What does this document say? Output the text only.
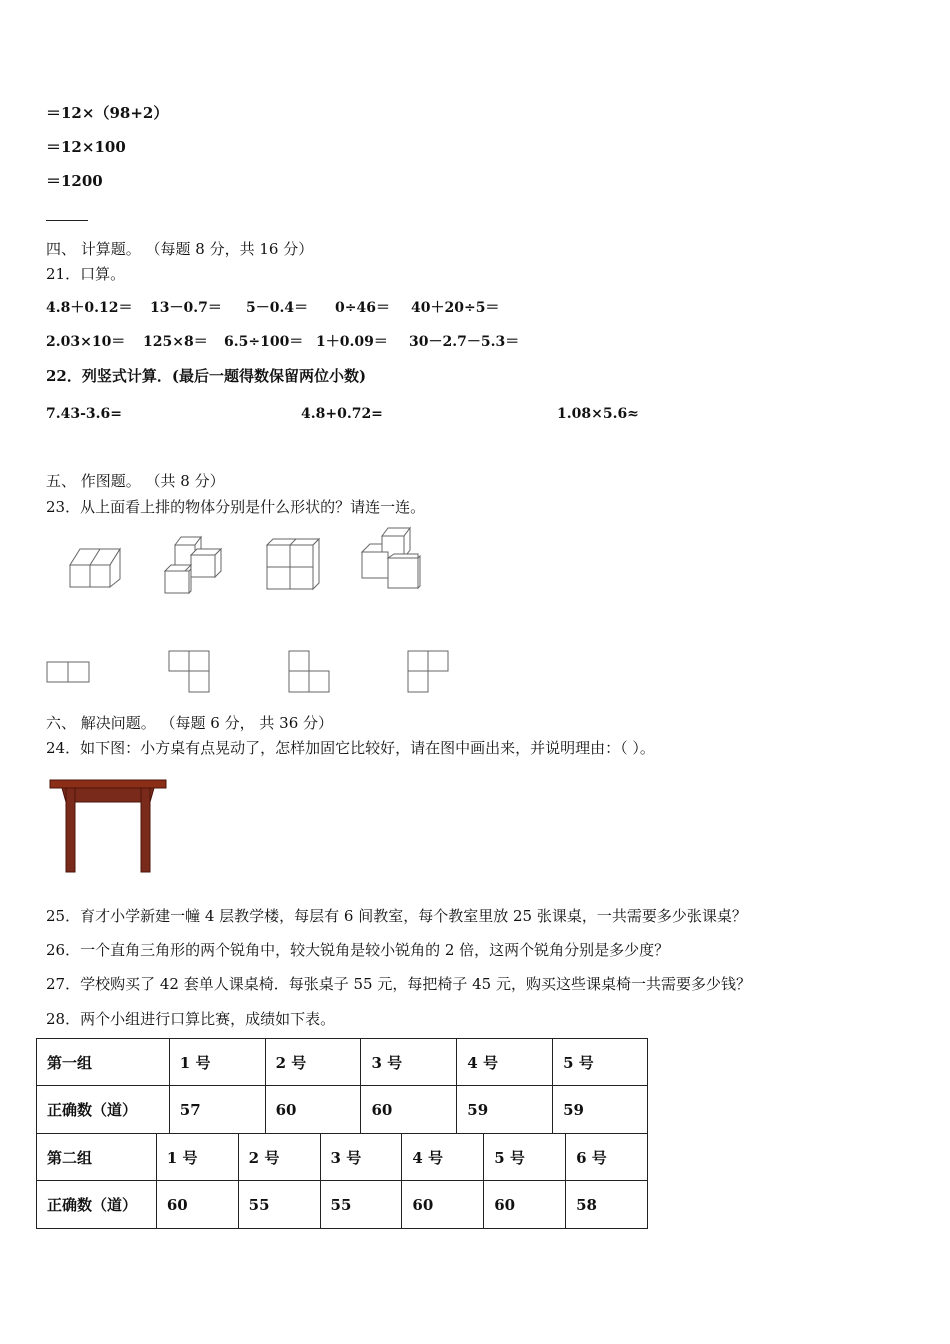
＝12×（98+2）
＝12×100
＝1200
四、 计算题。 （每题 8 分，共 16 分）
21．口算。
4.8＋0.12＝ 13－0.7＝ 5－0.4＝ 0÷46＝ 40＋20÷5＝
2.03×10＝ 125×8＝ 6.5÷100＝ 1＋0.09＝ 30－2.7－5.3＝
22．列竖式计算．(最后一题得数保留两位小数)
7.43-3.6=	4.8+0.72=	1.08×5.6≈
五、 作图题。 （共 8 分）
23．从上面看上排的物体分别是什么形状的？请连一连。
六、 解决问题。 （每题 6 分， 共 36 分）
24．如下图：小方桌有点晃动了，怎样加固它比较好，请在图中画出来，并说明理由：（ ）。
25．育才小学新建一幢 4 层教学楼，每层有 6 间教室，每个教室里放 25 张课桌，一共需要多少张课桌？
26．一个直角三角形的两个锐角中，较大锐角是较小锐角的 2 倍，这两个锐角分别是多少度？
27．学校购买了 42 套单人课桌椅．每张桌子 55 元，每把椅子 45 元，购买这些课桌椅一共需要多少钱？
28．两个小组进行口算比赛，成绩如下表。
第一组	1 号	2 号	3 号	4 号	5 号
正确数（道）	57	60	60	59	59
第二组	1 号	2 号	3 号	4 号	5 号	6 号
正确数（道）	60	55	55	60	60	58
